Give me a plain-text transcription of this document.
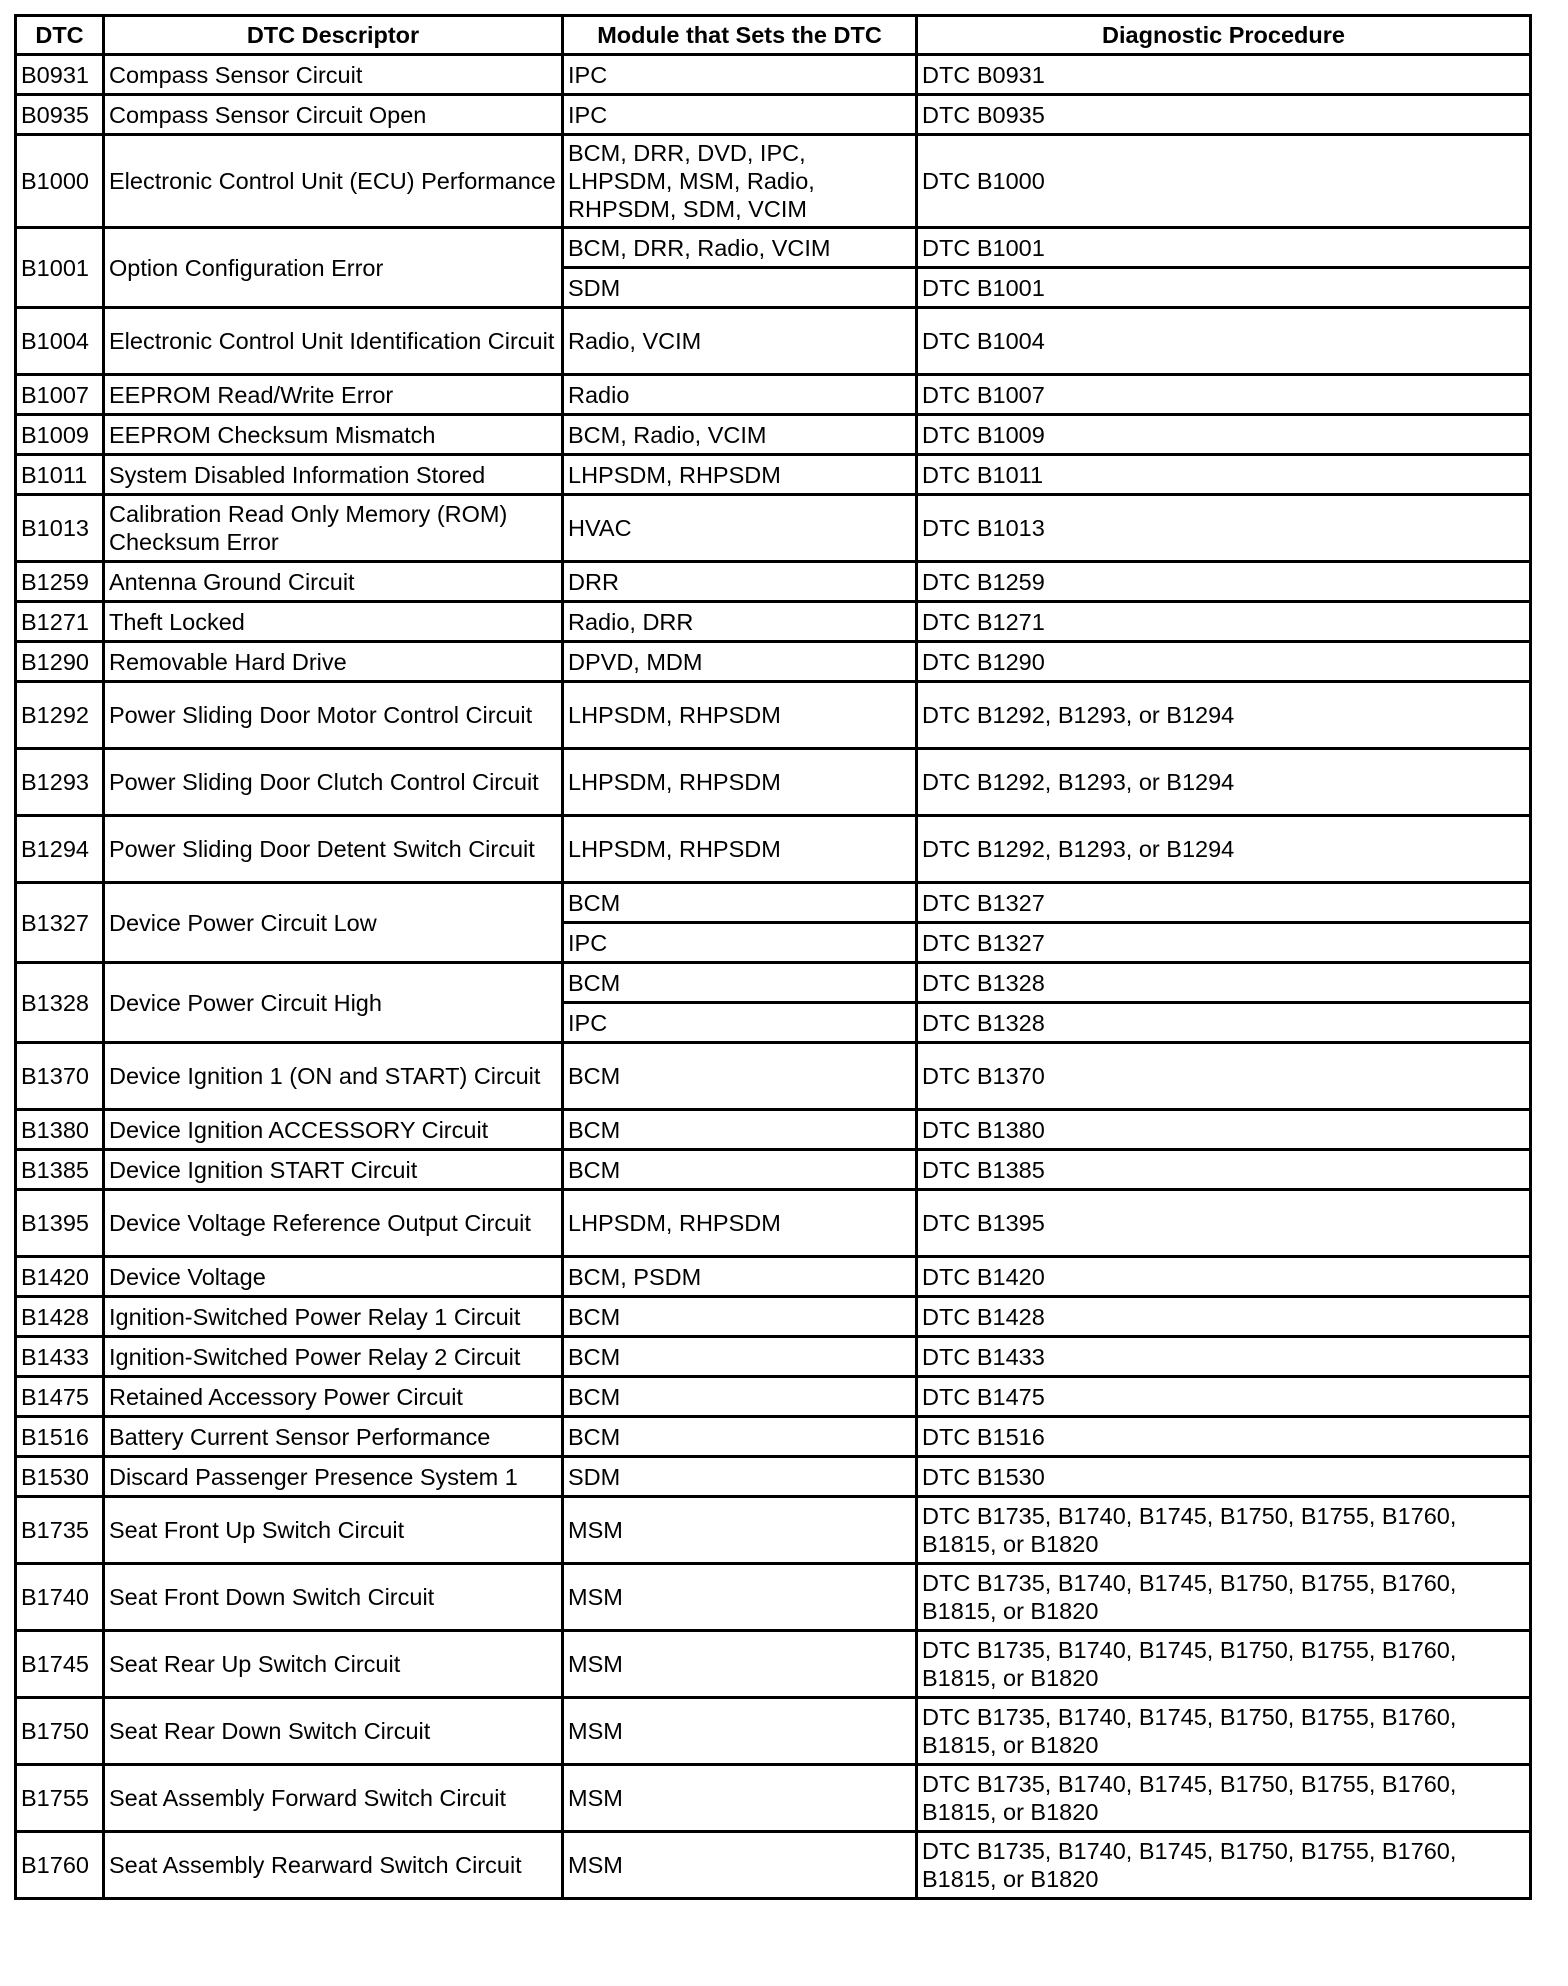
DTC	DTC Descriptor	Module that Sets the DTC	Diagnostic Procedure
B0931	Compass Sensor Circuit	IPC	DTC B0931
B0935	Compass Sensor Circuit Open	IPC	DTC B0935
B1000	Electronic Control Unit (ECU) Performance	BCM, DRR, DVD, IPC, LHPSDM, MSM, Radio, RHPSDM, SDM, VCIM	DTC B1000
B1001	Option Configuration Error	BCM, DRR, Radio, VCIM	DTC B1001
		SDM	DTC B1001
B1004	Electronic Control Unit Identification Circuit	Radio, VCIM	DTC B1004
B1007	EEPROM Read/Write Error	Radio	DTC B1007
B1009	EEPROM Checksum Mismatch	BCM, Radio, VCIM	DTC B1009
B1011	System Disabled Information Stored	LHPSDM, RHPSDM	DTC B1011
B1013	Calibration Read Only Memory (ROM) Checksum Error	HVAC	DTC B1013
B1259	Antenna Ground Circuit	DRR	DTC B1259
B1271	Theft Locked	Radio, DRR	DTC B1271
B1290	Removable Hard Drive	DPVD, MDM	DTC B1290
B1292	Power Sliding Door Motor Control Circuit	LHPSDM, RHPSDM	DTC B1292, B1293, or B1294
B1293	Power Sliding Door Clutch Control Circuit	LHPSDM, RHPSDM	DTC B1292, B1293, or B1294
B1294	Power Sliding Door Detent Switch Circuit	LHPSDM, RHPSDM	DTC B1292, B1293, or B1294
B1327	Device Power Circuit Low	BCM	DTC B1327
		IPC	DTC B1327
B1328	Device Power Circuit High	BCM	DTC B1328
		IPC	DTC B1328
B1370	Device Ignition 1 (ON and START) Circuit	BCM	DTC B1370
B1380	Device Ignition ACCESSORY Circuit	BCM	DTC B1380
B1385	Device Ignition START Circuit	BCM	DTC B1385
B1395	Device Voltage Reference Output Circuit	LHPSDM, RHPSDM	DTC B1395
B1420	Device Voltage	BCM, PSDM	DTC B1420
B1428	Ignition-Switched Power Relay 1 Circuit	BCM	DTC B1428
B1433	Ignition-Switched Power Relay 2 Circuit	BCM	DTC B1433
B1475	Retained Accessory Power Circuit	BCM	DTC B1475
B1516	Battery Current Sensor Performance	BCM	DTC B1516
B1530	Discard Passenger Presence System 1	SDM	DTC B1530
B1735	Seat Front Up Switch Circuit	MSM	DTC B1735, B1740, B1745, B1750, B1755, B1760, B1815, or B1820
B1740	Seat Front Down Switch Circuit	MSM	DTC B1735, B1740, B1745, B1750, B1755, B1760, B1815, or B1820
B1745	Seat Rear Up Switch Circuit	MSM	DTC B1735, B1740, B1745, B1750, B1755, B1760, B1815, or B1820
B1750	Seat Rear Down Switch Circuit	MSM	DTC B1735, B1740, B1745, B1750, B1755, B1760, B1815, or B1820
B1755	Seat Assembly Forward Switch Circuit	MSM	DTC B1735, B1740, B1745, B1750, B1755, B1760, B1815, or B1820
B1760	Seat Assembly Rearward Switch Circuit	MSM	DTC B1735, B1740, B1745, B1750, B1755, B1760, B1815, or B1820
